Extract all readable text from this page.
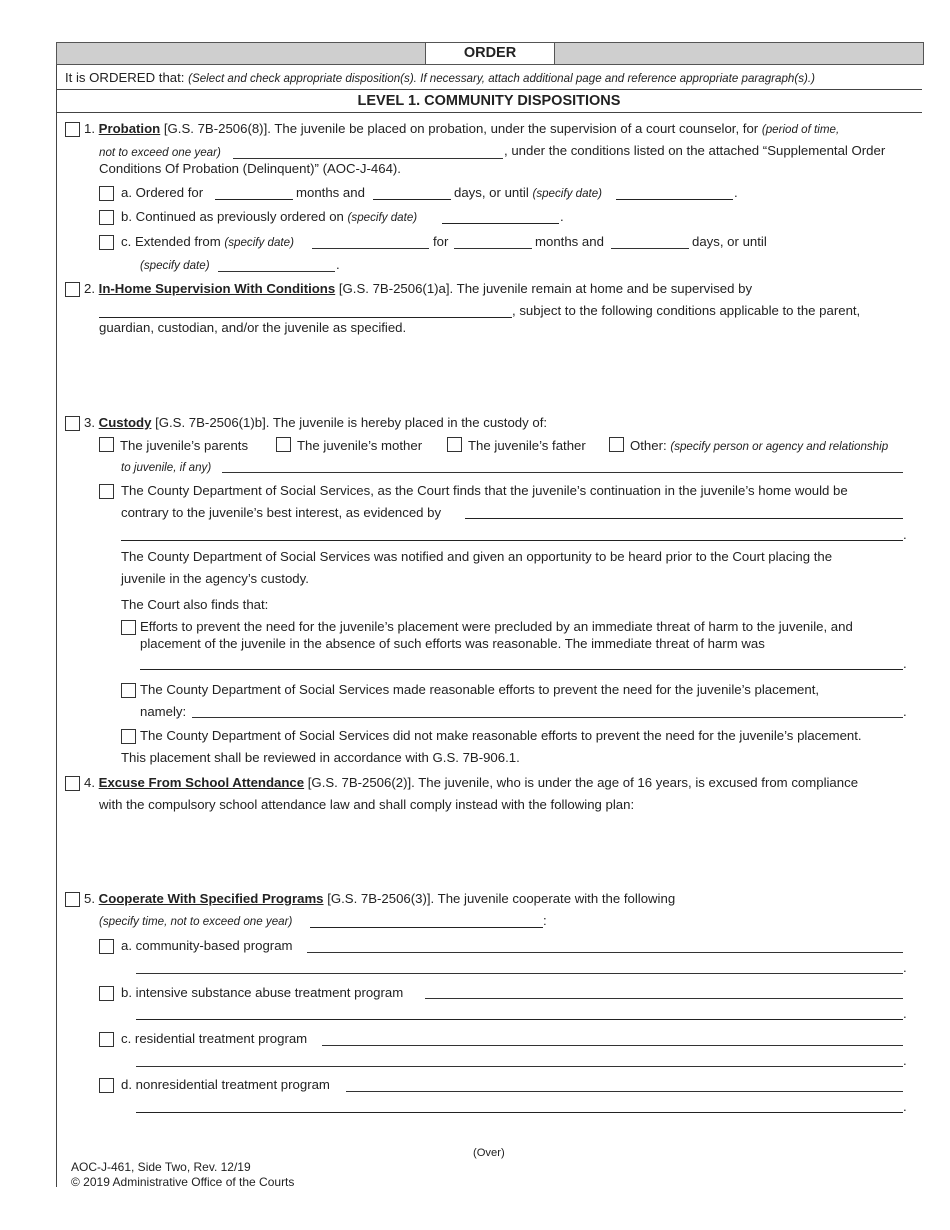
ORDER
It is ORDERED that: (Select and check appropriate disposition(s). If necessary, attach additional page and reference appropriate paragraph(s).)
LEVEL 1. COMMUNITY DISPOSITIONS
1. Probation [G.S. 7B-2506(8)]. The juvenile be placed on probation, under the supervision of a court counselor, for (period of time,
not to exceed one year)	, under the conditions listed on the attached “Supplemental Order
Conditions Of Probation (Delinquent)” (AOC-J-464).
a. Ordered for	months and	days, or until (specify date)	.
b. Continued as previously ordered on (specify date)	.
c. Extended from (specify date)	for	months and	days, or until
(specify date)	.
2. In-Home Supervision With Conditions [G.S. 7B-2506(1)a]. The juvenile remain at home and be supervised by
, subject to the following conditions applicable to the parent,
guardian, custodian, and/or the juvenile as specified.
3. Custody [G.S. 7B-2506(1)b]. The juvenile is hereby placed in the custody of:
The juvenile’s parents	The juvenile’s mother	The juvenile’s father	Other: (specify person or agency and relationship
to juvenile, if any)
The County Department of Social Services, as the Court finds that the juvenile’s continuation in the juvenile’s home would be
contrary to the juvenile’s best interest, as evidenced by
.
The County Department of Social Services was notified and given an opportunity to be heard prior to the Court placing the
juvenile in the agency’s custody.
The Court also finds that:
Efforts to prevent the need for the juvenile’s placement were precluded by an immediate threat of harm to the juvenile, and
placement of the juvenile in the absence of such efforts was reasonable. The immediate threat of harm was
.
The County Department of Social Services made reasonable efforts to prevent the need for the juvenile’s placement,
namely:	.
The County Department of Social Services did not make reasonable efforts to prevent the need for the juvenile’s placement.
This placement shall be reviewed in accordance with G.S. 7B-906.1.
4. Excuse From School Attendance [G.S. 7B-2506(2)]. The juvenile, who is under the age of 16 years, is excused from compliance
with the compulsory school attendance law and shall comply instead with the following plan:
5. Cooperate With Specified Programs [G.S. 7B-2506(3)]. The juvenile cooperate with the following
(specify time, not to exceed one year)	:
a. community-based program
.
b. intensive substance abuse treatment program
.
c. residential treatment program
.
d. nonresidential treatment program
.
(Over)
AOC-J-461, Side Two, Rev. 12/19
© 2019 Administrative Office of the Courts
